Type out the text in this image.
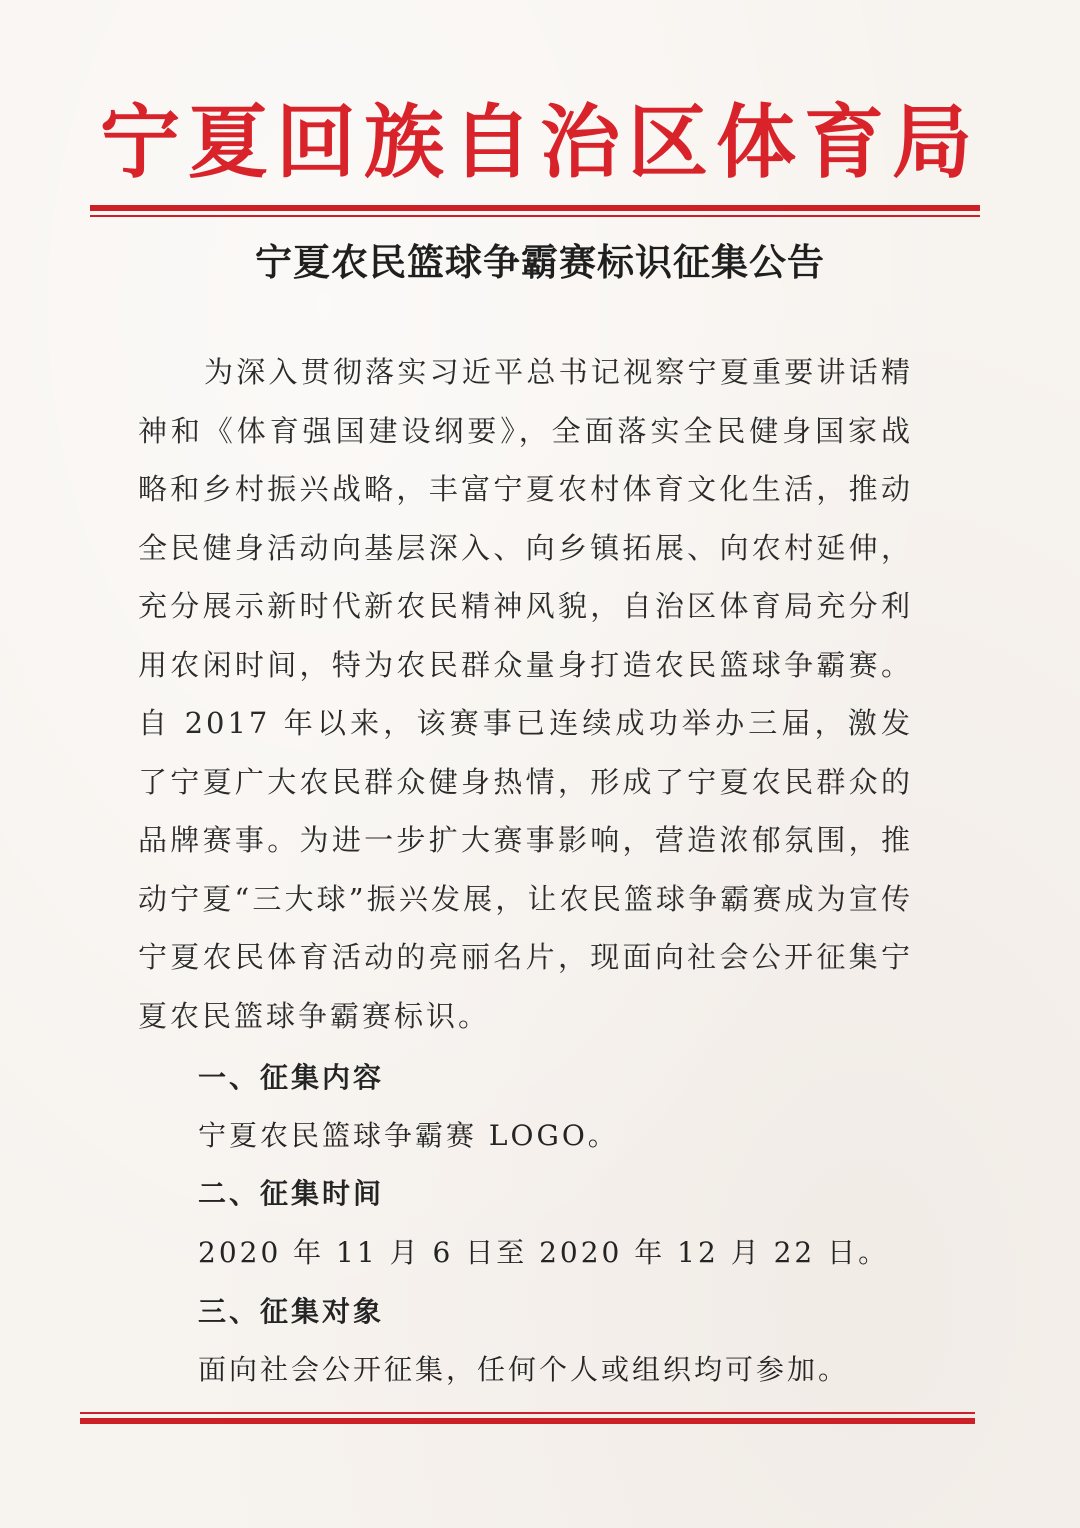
宁夏回族自治区体育局
宁夏农民篮球争霸赛标识征集公告

为深入贯彻落实习近平总书记视察宁夏重要讲话精神和《体育强国建设纲要》，全面落实全民健身国家战略和乡村振兴战略，丰富宁夏农村体育文化生活，推动全民健身活动向基层深入、向乡镇拓展、向农村延伸，充分展示新时代新农民精神风貌，自治区体育局充分利用农闲时间，特为农民群众量身打造农民篮球争霸赛。自 2017 年以来，该赛事已连续成功举办三届，激发了宁夏广大农民群众健身热情，形成了宁夏农民群众的品牌赛事。为进一步扩大赛事影响，营造浓郁氛围，推动宁夏“三大球”振兴发展，让农民篮球争霸赛成为宣传宁夏农民体育活动的亮丽名片，现面向社会公开征集宁夏农民篮球争霸赛标识。

一、征集内容

宁夏农民篮球争霸赛 LOGO。

二、征集时间

2020 年 11 月 6 日至 2020 年 12 月 22 日。

三、征集对象

面向社会公开征集，任何个人或组织均可参加。
